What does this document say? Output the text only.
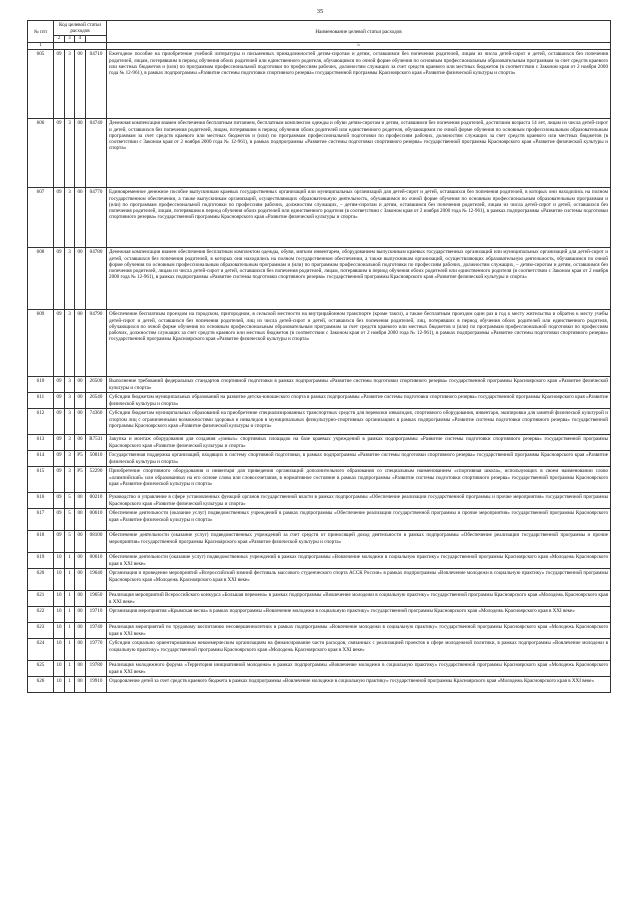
35
№ п/п	Код целевой статьи расходов				Наименование целевой статьи расходов
	2	3	4		
1					5
605	09	3	00	04710	Ежегодное пособие на приобретение учебной литературы и письменных принадлежностей детям-сиротам и детям, оставшимся без попечения родителей, лицам из числа детей-сирот и детей, оставшихся без попечения родителей, лицам, потерявшим в период обучения обоих родителей или единственного родителя, обучающимся по очной форме обучения по основным профессиональным образовательным программам за счет средств краевого или местных бюджетов и (или) по программам профессиональной подготовки по профессиям рабочих, должностям служащих за счет средств краевого или местных бюджетов (в соответствии с Законом края от 2 ноября 2000 года № 12-961), в рамках подпрограммы «Развитие системы подготовки спортивного резерва» государственной программы Красноярского края «Развитие физической культуры и спорта»
606	09	3	00	04740	Денежная компенсация взамен обеспечения бесплатным питанием, бесплатным комплектом одежды и обуви детям-сиротам и детям, оставшимся без попечения родителей, достигшим возраста 14 лет, лицам из числа детей-сирот и детей, оставшихся без попечения родителей, лицам, потерявшим в период обучения обоих родителей или единственного родителя, обучающимся по очной форме обучения по основным профессиональным образовательным программам за счет средств краевого или местных бюджетов и (или) по программам профессиональной подготовки по профессиям рабочих, должностям служащих за счет средств краевого или местных бюджетов (в соответствии с Законом края от 2 ноября 2000 года № 12-961), в рамках подпрограммы «Развитие системы подготовки спортивного резерва» государственной программы Красноярского края «Развитие физической культуры и спорта»
607	09	3	00	04770	Единовременное денежное пособие выпускникам краевых государственных организаций или муниципальных организаций для детей-сирот и детей, оставшихся без попечения родителей, в которых они находились на полном государственном обеспечении, а также выпускникам организаций, осуществляющих образовательную деятельность, обучавшимся по очной форме обучения по основным профессиональным образовательным программам и (или) по программам профессиональной подготовки по профессиям рабочих, должностям служащих, – детям-сиротам и детям, оставшимся без попечения родителей, лицам из числа детей-сирот и детей, оставшихся без попечения родителей, лицам, потерявшим в период обучения обоих родителей или единственного родителя (в соответствии с Законом края от 2 ноября 2000 года № 12-961), в рамках подпрограммы «Развитие системы подготовки спортивного резерва» государственной программы Красноярского края «Развитие физической культуры и спорта»
608	09	3	00	04780	Денежная компенсация взамен обеспечения бесплатным комплектом одежды, обуви, мягким инвентарем, оборудованием выпускникам краевых государственных организаций или муниципальных организаций для детей-сирот и детей, оставшихся без попечения родителей, в которых они находились на полном государственном обеспечении, а также выпускникам организаций, осуществляющих образовательную деятельность, обучавшимся по очной форме обучения по основным профессиональным образовательным программам и (или) по программам профессиональной подготовки по профессиям рабочих, должностям служащих, – детям-сиротам и детям, оставшимся без попечения родителей, лицам из числа детей-сирот и детей, оставшихся без попечения родителей, лицам, потерявшим в период обучения обоих родителей или единственного родителя (в соответствии с Законом края от 2 ноября 2000 года № 12-961), в рамках подпрограммы «Развитие системы подготовки спортивного резерва» государственной программы Красноярского края «Развитие физической культуры и спорта»
609	09	3	00	04790	Обеспечение бесплатным проездом на городском, пригородном, в сельской местности на внутрирайонном транспорте (кроме такси), а также бесплатным проездом один раз в год к месту жительства и обратно к месту учебы детей-сирот и детей, оставшихся без попечения родителей, лиц из числа детей-сирот и детей, оставшихся без попечения родителей, лиц, потерявших в период обучения обоих родителей или единственного родителя, обучающихся по очной форме обучения по основным профессиональным образовательным программам за счет средств краевого или местных бюджетов и (или) по программам профессиональной подготовки по профессиям рабочих, должностям служащих за счет средств краевого или местных бюджетов (в соответствии с Законом края от 2 ноября 2000 года № 12-961), в рамках подпрограммы «Развитие системы подготовки спортивного резерва» государственной программы Красноярского края «Развитие физической культуры и спорта»
610	09	3	00	26500	Выполнение требований федеральных стандартов спортивной подготовки в рамках подпрограммы «Развитие системы подготовки спортивного резерва» государственной программы Красноярского края «Развитие физической культуры и спорта»
611	09	3	00	26540	Субсидии бюджетам муниципальных образований на развитие детско-юношеского спорта в рамках подпрограммы «Развитие системы подготовки спортивного резерва» государственной программы Красноярского края «Развитие физической культуры и спорта»
612	09	3	00	74360	Субсидии бюджетам муниципальных образований на приобретение специализированных транспортных средств для перевозки инвалидов, спортивного оборудования, инвентаря, экипировки для занятий физической культурой и спортом лиц с ограниченными возможностями здоровья и инвалидов в муниципальных физкультурно-спортивных организациях в рамках подпрограммы «Развитие системы подготовки спортивного резерва» государственной программы Красноярского края «Развитие физической культуры и спорта»
613	09	3	00	R7531	Закупка и монтаж оборудования для создания «умных» спортивных площадок на базе краевых учреждений в рамках подпрограммы «Развитие системы подготовки спортивного резерва» государственной программы Красноярского края «Развитие физической культуры и спорта»
614	09	3	P5	50810	Государственная поддержка организаций, входящих в систему спортивной подготовки, в рамках подпрограммы «Развитие системы подготовки спортивного резерва» государственной программы Красноярского края «Развитие физической культуры и спорта»
615	09	3	P5	52290	Приобретение спортивного оборудования и инвентаря для приведения организаций дополнительного образования со специальным наименованием «спортивная школа», использующих в своем наименовании слово «олимпийский» или образованных на его основе слова или словосочетания, в нормативное состояние в рамках подпрограммы «Развитие системы подготовки спортивного резерва» государственной программы Красноярского края «Развитие физической культуры и спорта»
616	09	5	00	00210	Руководство и управление в сфере установленных функций органов государственной власти в рамках подпрограммы «Обеспечение реализации государственной программы и прочие мероприятия» государственной программы Красноярского края «Развитие физической культуры и спорта»
617	09	5	00	00610	Обеспечение деятельности (оказание услуг) подведомственных учреждений в рамках подпрограммы «Обеспечение реализации государственной программы и прочие мероприятия» государственной программы Красноярского края «Развитие физической культуры и спорта»
618	09	5	00	08100	Обеспечение деятельности (оказание услуг) подведомственных учреждений за счет средств от приносящей доход деятельности в рамках подпрограммы «Обеспечение реализации государственной программы и прочие мероприятия» государственной программы Красноярского края «Развитие физической культуры и спорта»
619	10	1	00	00610	Обеспечение деятельности (оказание услуг) подведомственных учреждений в рамках подпрограммы «Вовлечение молодежи в социальную практику» государственной программы Красноярского края «Молодежь Красноярского края в XXI веке»
620	10	1	00	19640	Организация и проведение мероприятий «Всероссийский зимний фестиваль массового студенческого спорта АССК России» в рамках подпрограммы «Вовлечение молодежи в социальную практику» государственной программы Красноярского края «Молодежь Красноярского края в XXI веке»
621	10	1	00	19650	Реализация мероприятий Всероссийского конкурса «Большая перемена» в рамках подпрограммы «Вовлечение молодежи в социальную практику» государственной программы Красноярского края «Молодежь Красноярского края в XXI веке»
622	10	1	00	19710	Организация мероприятия «Крымская весна» в рамках подпрограммы «Вовлечение молодежи в социальную практику» государственной программы Красноярского края «Молодежь Красноярского края в XXI веке»
623	10	1	00	19740	Реализация мероприятий по трудовому воспитанию несовершеннолетних в рамках подпрограммы «Вовлечение молодежи в социальную практику» государственной программы Красноярского края «Молодежь Красноярского края в XXI веке»
624	10	1	00	19770	Субсидии социально ориентированным некоммерческим организациям на финансирование части расходов, связанных с реализацией проектов в сфере молодежной политики, в рамках подпрограммы «Вовлечение молодежи в социальную практику» государственной программы Красноярского края «Молодежь Красноярского края в XXI веке»
625	10	1	00	19780	Реализация молодежного форума «Территория инициативной молодежи» в рамках подпрограммы «Вовлечение молодежи в социальную практику» государственной программы Красноярского края «Молодежь Красноярского края в XXI веке»
626	10	1	00	19910	Оздоровление детей за счет средств краевого бюджета в рамках подпрограммы «Вовлечение молодежи в социальную практику» государственной программы Красноярского края «Молодежь Красноярского края в XXI веке»
